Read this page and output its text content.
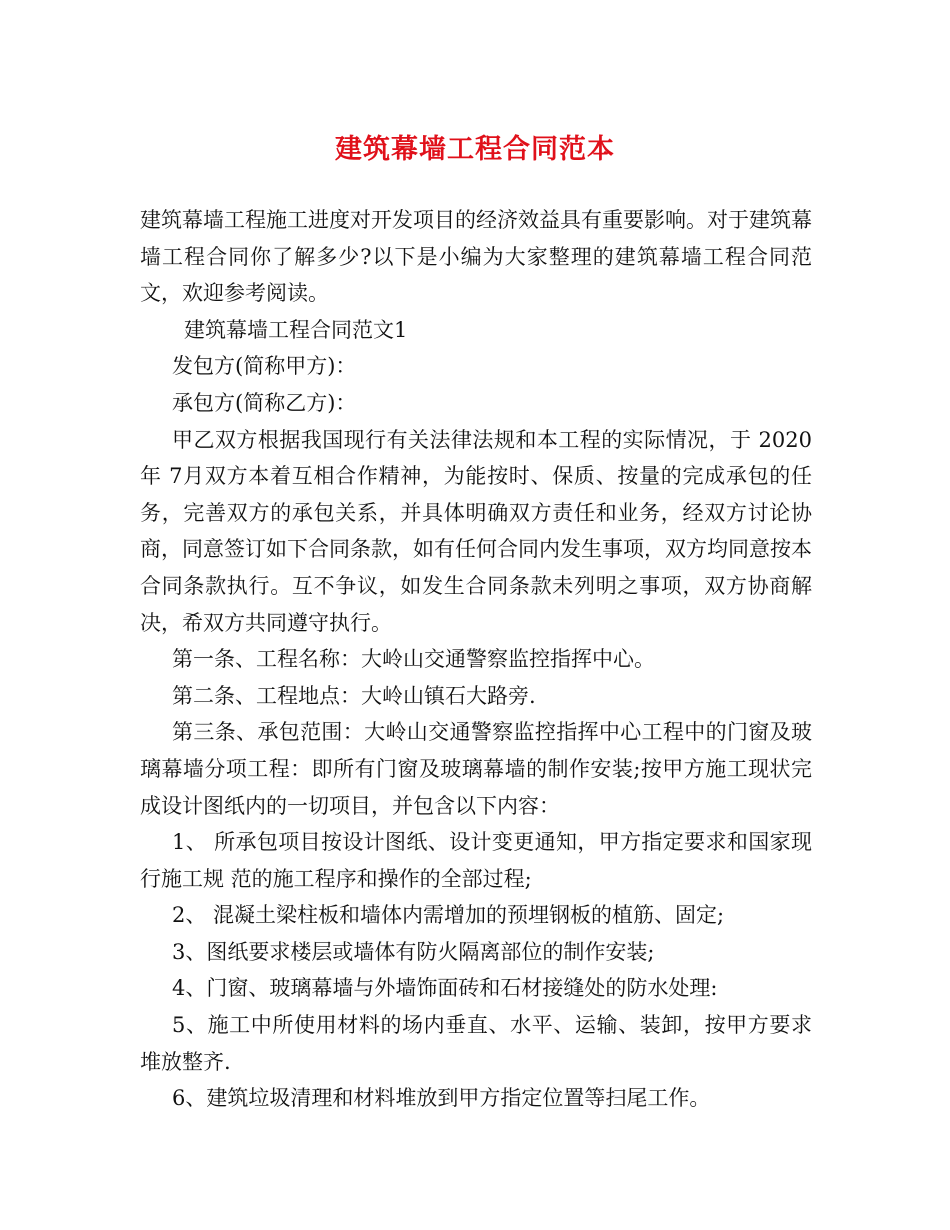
建筑幕墙工程合同范本

建筑幕墙工程施工进度对开发项目的经济效益具有重要影响。对于建筑幕墙工程合同你了解多少?以下是小编为大家整理的建筑幕墙工程合同范文，欢迎参考阅读。

建筑幕墙工程合同范文1

发包方(简称甲方)：

承包方(简称乙方)：

甲乙双方根据我国现行有关法律法规和本工程的实际情况，于 2020年 7月双方本着互相合作精神，为能按时、保质、按量的完成承包的任务，完善双方的承包关系，并具体明确双方责任和业务，经双方讨论协商，同意签订如下合同条款，如有任何合同内发生事项，双方均同意按本合同条款执行。互不争议，如发生合同条款未列明之事项，双方协商解决，希双方共同遵守执行。

第一条、工程名称：大岭山交通警察监控指挥中心。

第二条、工程地点：大岭山镇石大路旁.

第三条、承包范围：大岭山交通警察监控指挥中心工程中的门窗及玻璃幕墙分项工程：即所有门窗及玻璃幕墙的制作安装;按甲方施工现状完成设计图纸内的一切项目，并包含以下内容：

1、 所承包项目按设计图纸、设计变更通知，甲方指定要求和国家现行施工规 范的施工程序和操作的全部过程;

2、 混凝土梁柱板和墙体内需增加的预埋钢板的植筋、固定;

3、图纸要求楼层或墙体有防火隔离部位的制作安装;

4、门窗、玻璃幕墙与外墙饰面砖和石材接缝处的防水处理:

5、施工中所使用材料的场内垂直、水平、运输、装卸，按甲方要求堆放整齐.

6、建筑垃圾清理和材料堆放到甲方指定位置等扫尾工作。
